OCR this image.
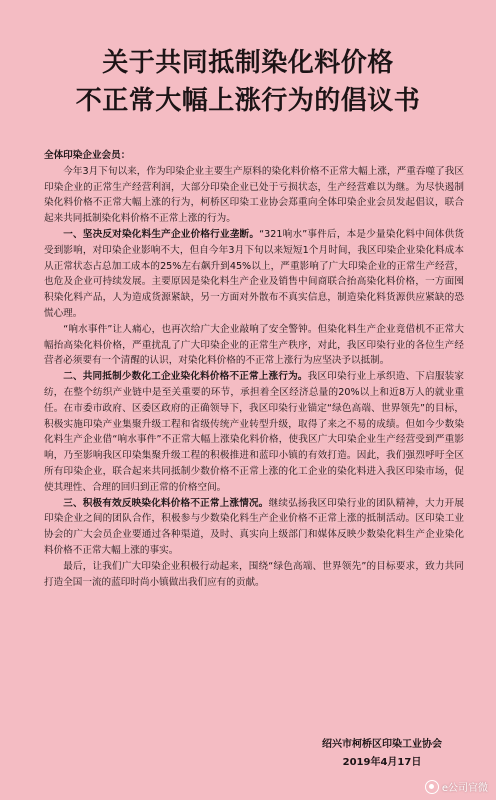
关于共同抵制染化料价格
不正常大幅上涨行为的倡议书

全体印染企业会员：

今年3月下旬以来，作为印染企业主要生产原料的染化料价格不正常大幅上涨，严重吞噬了我区印染企业的正常生产经营利润，大部分印染企业已处于亏损状态，生产经营难以为继。为尽快遏制染化料价格不正常大幅上涨的行为，柯桥区印染工业协会郑重向全体印染企业会员发起倡议，联合起来共同抵制染化料价格不正常上涨的行为。

一、坚决反对染化料生产企业价格行业垄断。“321响水”事件后，本是少量染化料中间体供货受到影响，对印染企业影响不大，但自今年3月下旬以来短短1个月时间，我区印染企业染化料成本从正常状态占总加工成本的25%左右飙升到45%以上，严重影响了广大印染企业的正常生产经营，也危及企业可持续发展。主要原因是染化料生产企业及销售中间商联合抬高染化料价格，一方面囤积染化料产品，人为造成货源紧缺，另一方面对外散布不真实信息，制造染化料货源供应紧缺的恐慌心理。

“响水事件”让人痛心，也再次给广大企业敲响了安全警钟。但染化料生产企业竟借机不正常大幅抬高染化料价格，严重扰乱了广大印染企业的正常生产秩序，对此，我区印染行业的各位生产经营者必须要有一个清醒的认识，对染化料价格的不正常上涨行为应坚决予以抵制。

二、共同抵制少数化工企业染化料价格不正常上涨行为。我区印染行业上承织造、下启服装家纺，在整个纺织产业链中是至关重要的环节，承担着全区经济总量的20%以上和近8万人的就业重任。在市委市政府、区委区政府的正确领导下，我区印染行业锚定“绿色高端、世界领先”的目标，积极实施印染产业集聚升级工程和省级传统产业转型升级，取得了来之不易的成绩。但如今少数染化料生产企业借“响水事件”不正常大幅上涨染化料价格，使我区广大印染企业生产经营受到严重影响，乃至影响我区印染集聚升级工程的积极推进和蓝印小镇的有效打造。因此，我们强烈呼吁全区所有印染企业，联合起来共同抵制少数价格不正常上涨的化工企业的染化料进入我区印染市场，促使其理性、合理的回归到正常的价格空间。

三、积极有效反映染化料价格不正常上涨情况。继续弘扬我区印染行业的团队精神，大力开展印染企业之间的团队合作，积极参与少数染化料生产企业价格不正常上涨的抵制活动。区印染工业协会的广大会员企业要通过各种渠道，及时、真实向上级部门和媒体反映少数染化料生产企业染化料价格不正常大幅上涨的事实。

最后，让我们广大印染企业积极行动起来，围绕“绿色高端、世界领先”的目标要求，致力共同打造全国一流的蓝印时尚小镇做出我们应有的贡献。

绍兴市柯桥区印染工业协会
2019年4月17日
e公司官微
